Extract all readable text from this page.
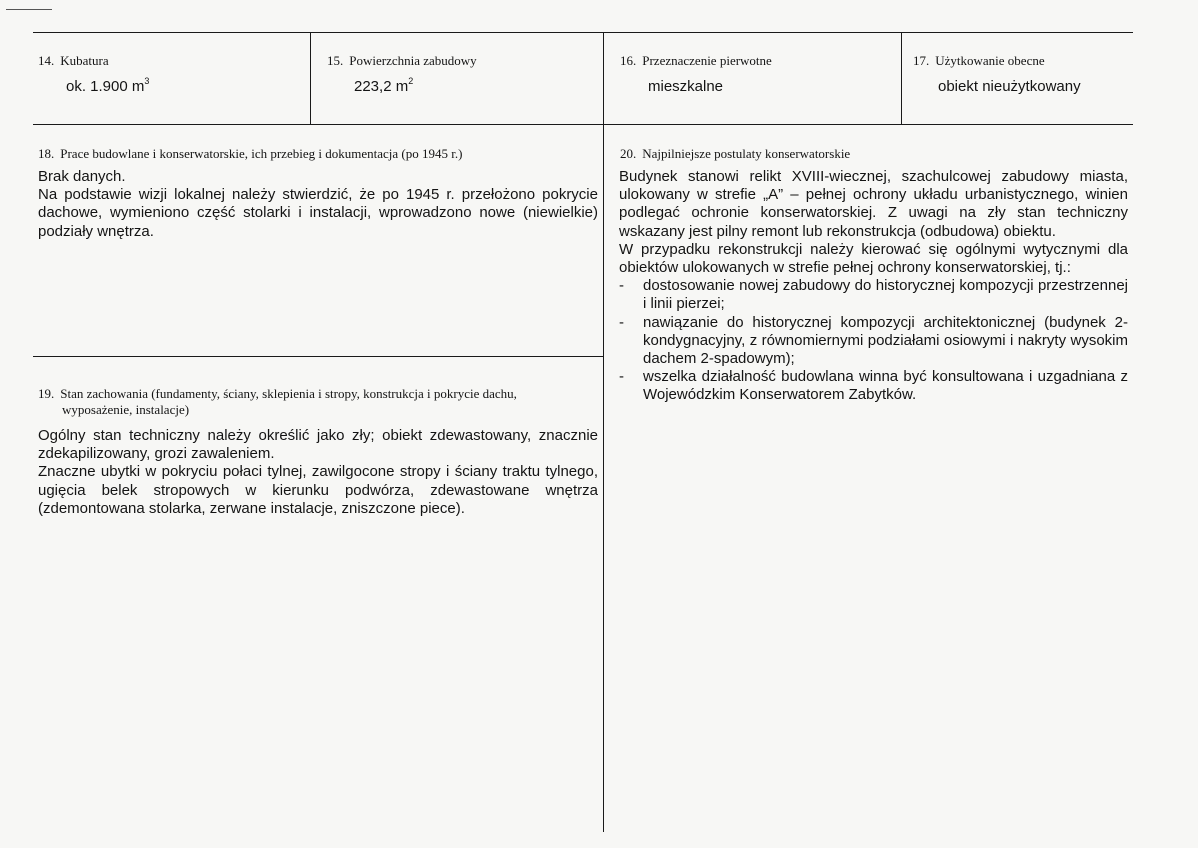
14. Kubatura
ok. 1.900 $m^3$
15. Powierzchnia zabudowy
223,2 $m^2$
16. Przeznaczenie pierwotne
mieszkalne
17. Użytkowanie obecne
obiekt nieużytkowany
18. Prace budowlane i konserwatorskie, ich przebieg i dokumentacja (po 1945 r.)

Brak danych.

Na podstawie wizji lokalnej należy stwierdzić, że po 1945 r. przełożono pokrycie dachowe, wymieniono część stolarki i instalacji, wprowadzono nowe (niewielkie) podziały wnętrza.

19. Stan zachowania (fundamenty, ściany, sklepienia i stropy, konstrukcja i pokrycie dachu,
wyposażenie, instalacje)

Ogólny stan techniczny należy określić jako zły; obiekt zdewastowany, znacznie zdekapilizowany, grozi zawaleniem.

Znaczne ubytki w pokryciu połaci tylnej, zawilgocone stropy i ściany traktu tylnego, ugięcia belek stropowych w kierunku podwórza, zdewastowane wnętrza (zdemontowana stolarka, zerwane instalacje, zniszczone piece).

20. Najpilniejsze postulaty konserwatorskie

Budynek stanowi relikt XVIII-wiecznej, szachulcowej zabudowy miasta, ulokowany w strefie „A” – pełnej ochrony układu urbanistycznego, winien podlegać ochronie konserwatorskiej. Z uwagi na zły stan techniczny wskazany jest pilny remont lub rekonstrukcja (odbudowa) obiektu.

W przypadku rekonstrukcji należy kierować się ogólnymi wytycznymi dla obiektów ulokowanych w strefie pełnej ochrony konserwatorskiej, tj.:

- dostosowanie nowej zabudowy do historycznej kompozycji przestrzennej i linii pierzei;
- nawiązanie do historycznej kompozycji architektonicznej (budynek 2-kondygnacyjny, z równomiernymi podziałami osiowymi i nakryty wysokim dachem 2-spadowym);
- wszelka działalność budowlana winna być konsultowana i uzgadniana z Wojewódzkim Konserwatorem Zabytków.
